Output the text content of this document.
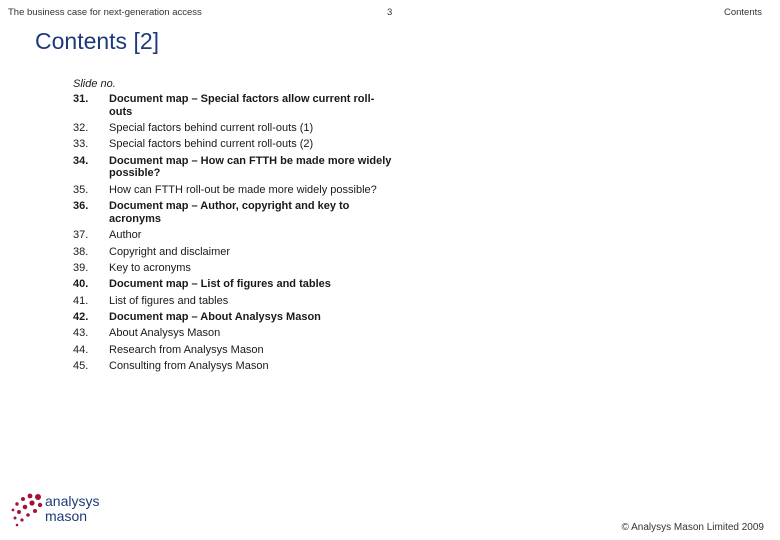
The business case for next-generation access	3	Contents
Contents [2]
Slide no.
31.	Document map – Special factors allow current roll-outs
32.	Special factors behind current roll-outs (1)
33.	Special factors behind current roll-outs (2)
34.	Document map – How can FTTH be made more widely possible?
35.	How can FTTH roll-out be made more widely possible?
36.	Document map – Author, copyright and key to acronyms
37.	Author
38.	Copyright and disclaimer
39.	Key to acronyms
40.	Document map – List of figures and tables
41.	List of figures and tables
42.	Document map – About Analysys Mason
43.	About Analysys Mason
44.	Research from Analysys Mason
45.	Consulting from Analysys Mason
analysys
mason
© Analysys Mason Limited 2009
